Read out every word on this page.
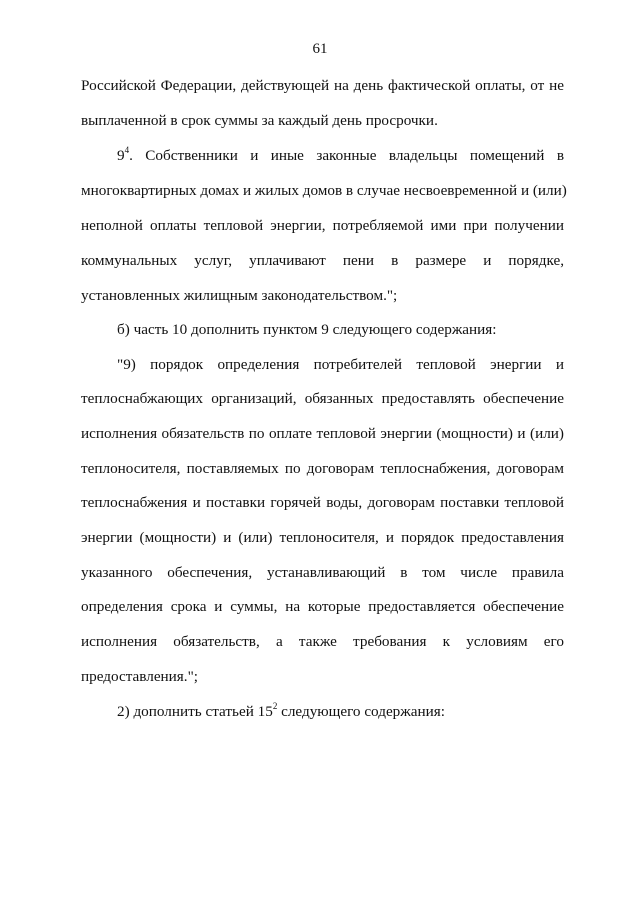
61
Российской Федерации, действующей на день фактической оплаты, от не
выплаченной в срок суммы за каждый день просрочки.
$9^4$. Собственники и иные законные владельцы помещений в
многоквартирных домах и жилых домов в случае несвоевременной и (или)
неполной оплаты тепловой энергии, потребляемой ими при получении
коммунальных услуг, уплачивают пени в размере и порядке,
установленных жилищным законодательством.";
б) часть 10 дополнить пунктом 9 следующего содержания:
"9) порядок определения потребителей тепловой энергии и
теплоснабжающих организаций, обязанных предоставлять обеспечение
исполнения обязательств по оплате тепловой энергии (мощности) и (или)
теплоносителя, поставляемых по договорам теплоснабжения, договорам
теплоснабжения и поставки горячей воды, договорам поставки тепловой
энергии (мощности) и (или) теплоносителя, и порядок предоставления
указанного обеспечения, устанавливающий в том числе правила
определения срока и суммы, на которые предоставляется обеспечение
исполнения обязательств, а также требования к условиям его
предоставления.";
2) дополнить статьей $15^2$ следующего содержания:
